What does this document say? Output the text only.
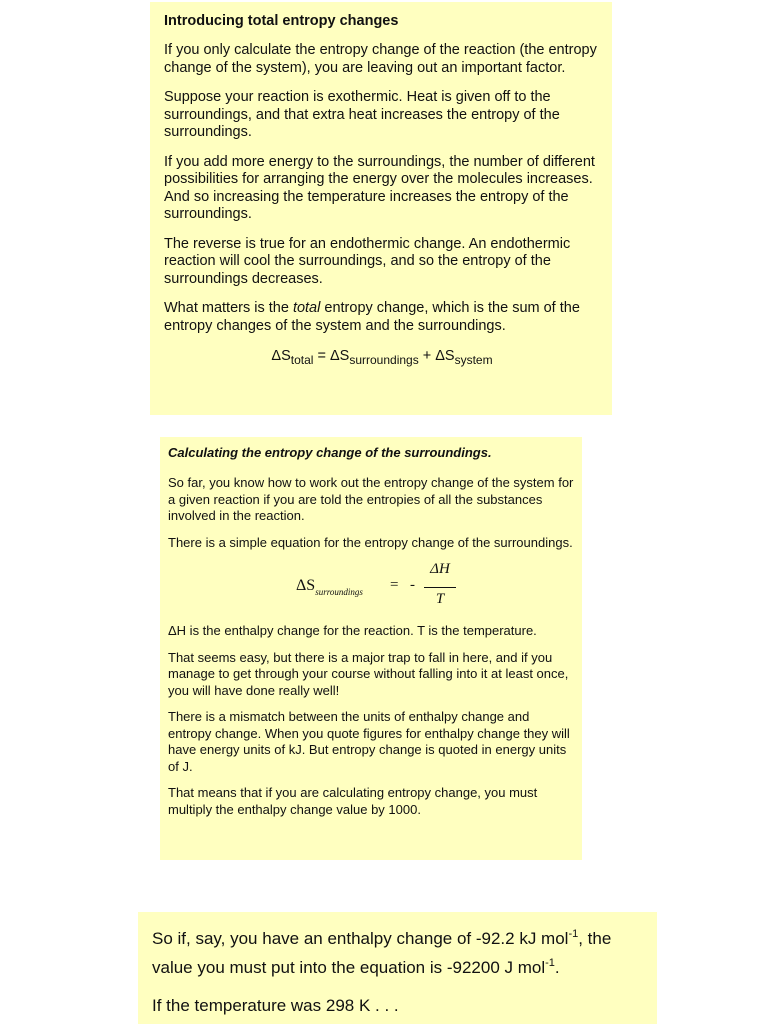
Introducing total entropy changes

If you only calculate the entropy change of the reaction (the entropy change of the system), you are leaving out an important factor.

Suppose your reaction is exothermic. Heat is given off to the surroundings, and that extra heat increases the entropy of the surroundings.

If you add more energy to the surroundings, the number of different possibilities for arranging the energy over the molecules increases. And so increasing the temperature increases the entropy of the surroundings.

The reverse is true for an endothermic change. An endothermic reaction will cool the surroundings, and so the entropy of the surroundings decreases.

What matters is the total entropy change, which is the sum of the entropy changes of the system and the surroundings.

$\Delta S_{total} = \Delta S_{surroundings} + \Delta S_{system}$
Calculating the entropy change of the surroundings.

So far, you know how to work out the entropy change of the system for a given reaction if you are told the entropies of all the substances involved in the reaction.

There is a simple equation for the entropy change of the surroundings.

$\Delta S_{surroundings}$ = -
ΔH
T

ΔH is the enthalpy change for the reaction. T is the temperature.

That seems easy, but there is a major trap to fall in here, and if you manage to get through your course without falling into it at least once, you will have done really well!

There is a mismatch between the units of enthalpy change and entropy change. When you quote figures for enthalpy change they will have energy units of kJ. But entropy change is quoted in energy units of J.

That means that if you are calculating entropy change, you must multiply the enthalpy change value by 1000.

So if, say, you have an enthalpy change of -92.2 kJ mol$^{-1}$, the value you must put into the equation is -92200 J mol$^{-1}$.

If the temperature was 298 K . . .
